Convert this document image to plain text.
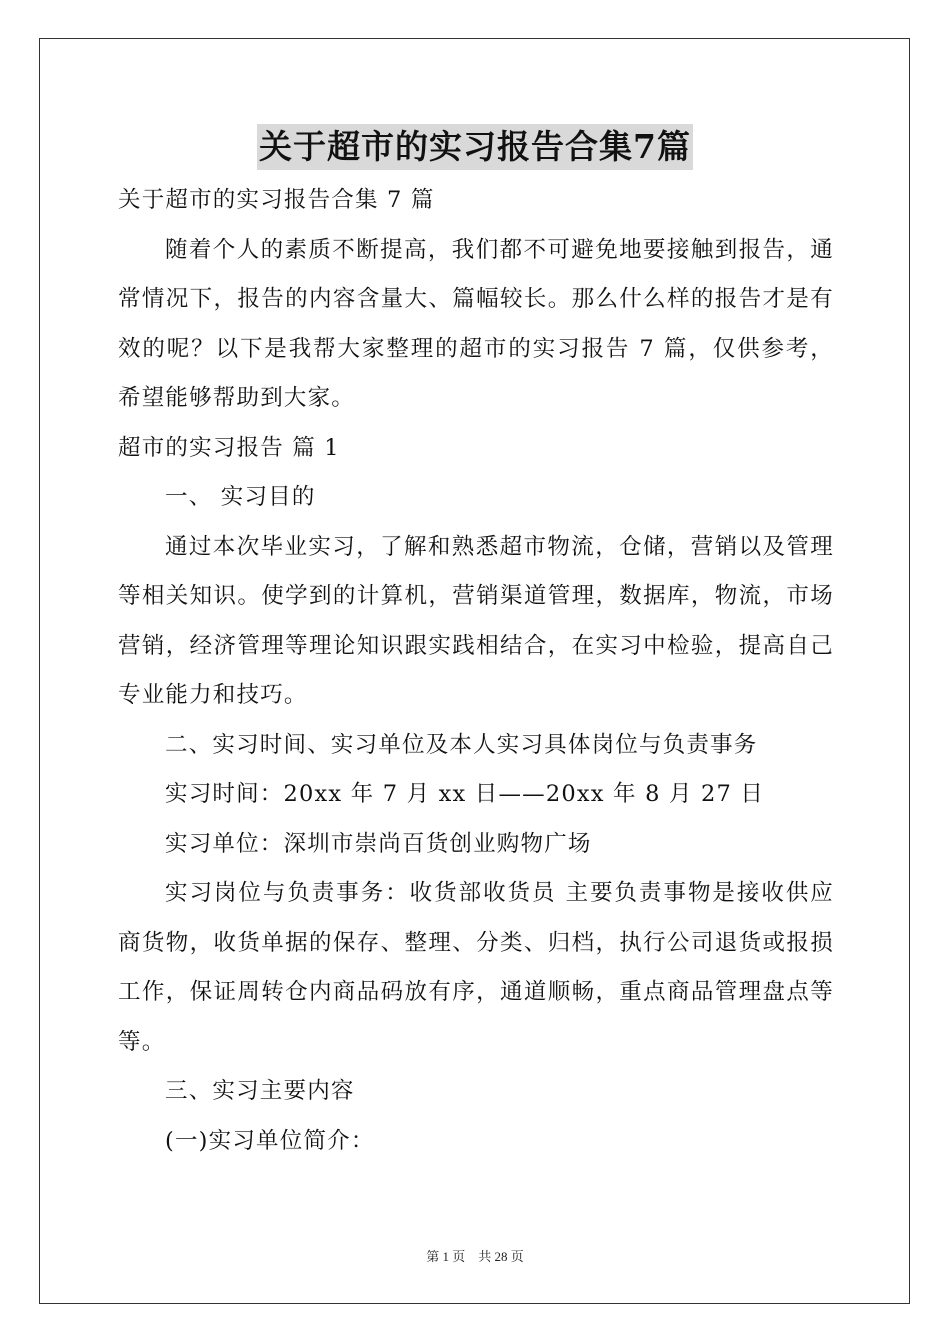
关于超市的实习报告合集7篇

关于超市的实习报告合集 7 篇

随着个人的素质不断提高，我们都不可避免地要接触到报告，通常情况下，报告的内容含量大、篇幅较长。那么什么样的报告才是有效的呢？以下是我帮大家整理的超市的实习报告 7 篇，仅供参考，希望能够帮助到大家。

超市的实习报告 篇 1

一、 实习目的

通过本次毕业实习，了解和熟悉超市物流，仓储，营销以及管理等相关知识。使学到的计算机，营销渠道管理，数据库，物流，市场营销，经济管理等理论知识跟实践相结合，在实习中检验，提高自己专业能力和技巧。

二、实习时间、实习单位及本人实习具体岗位与负责事务

实习时间：20xx 年 7 月 xx 日——20xx 年 8 月 27 日

实习单位：深圳市崇尚百货创业购物广场

实习岗位与负责事务：收货部收货员 主要负责事物是接收供应商货物，收货单据的保存、整理、分类、归档，执行公司退货或报损工作，保证周转仓内商品码放有序，通道顺畅，重点商品管理盘点等等。

三、实习主要内容

(一)实习单位简介：

第 1 页　共 28 页
